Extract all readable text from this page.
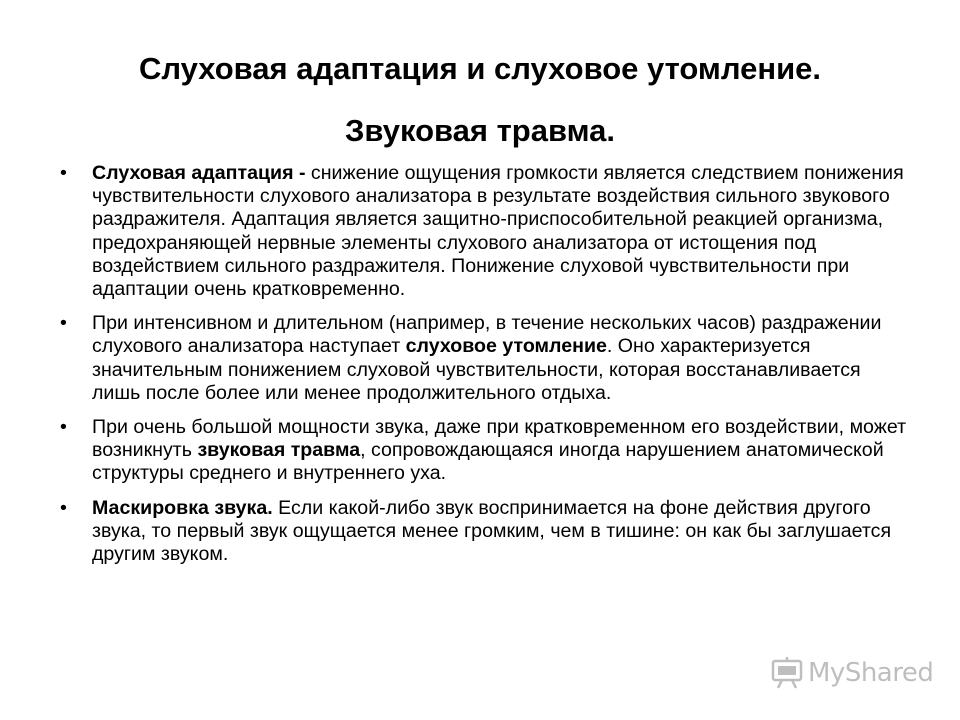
Слуховая адаптация и слуховое утомление.
Звуковая травма.
• Слуховая адаптация - снижение ощущения громкости является следствием понижения чувствительности слухового анализатора в результате воздействия сильного звукового раздражителя. Адаптация является защитно-приспособительной реакцией организма, предохраняющей нервные элементы слухового анализатора от истощения под воздействием сильного раздражителя. Понижение слуховой чувствительности при адаптации очень кратковременно.
• При интенсивном и длительном (например, в течение нескольких часов) раздражении слухового анализатора наступает слуховое утомление. Оно характеризуется значительным понижением слуховой чувствительности, которая восстанавливается лишь после более или менее продолжительного отдыха.
• При очень большой мощности звука, даже при кратковременном его воздействии, может возникнуть звуковая травма, сопровождающаяся иногда нарушением анатомической структуры среднего и внутреннего уха.
• Маскировка звука. Если какой-либо звук воспринимается на фоне действия другого звука, то первый звук ощущается менее громким, чем в тишине: он как бы заглушается другим звуком.
MyShared
